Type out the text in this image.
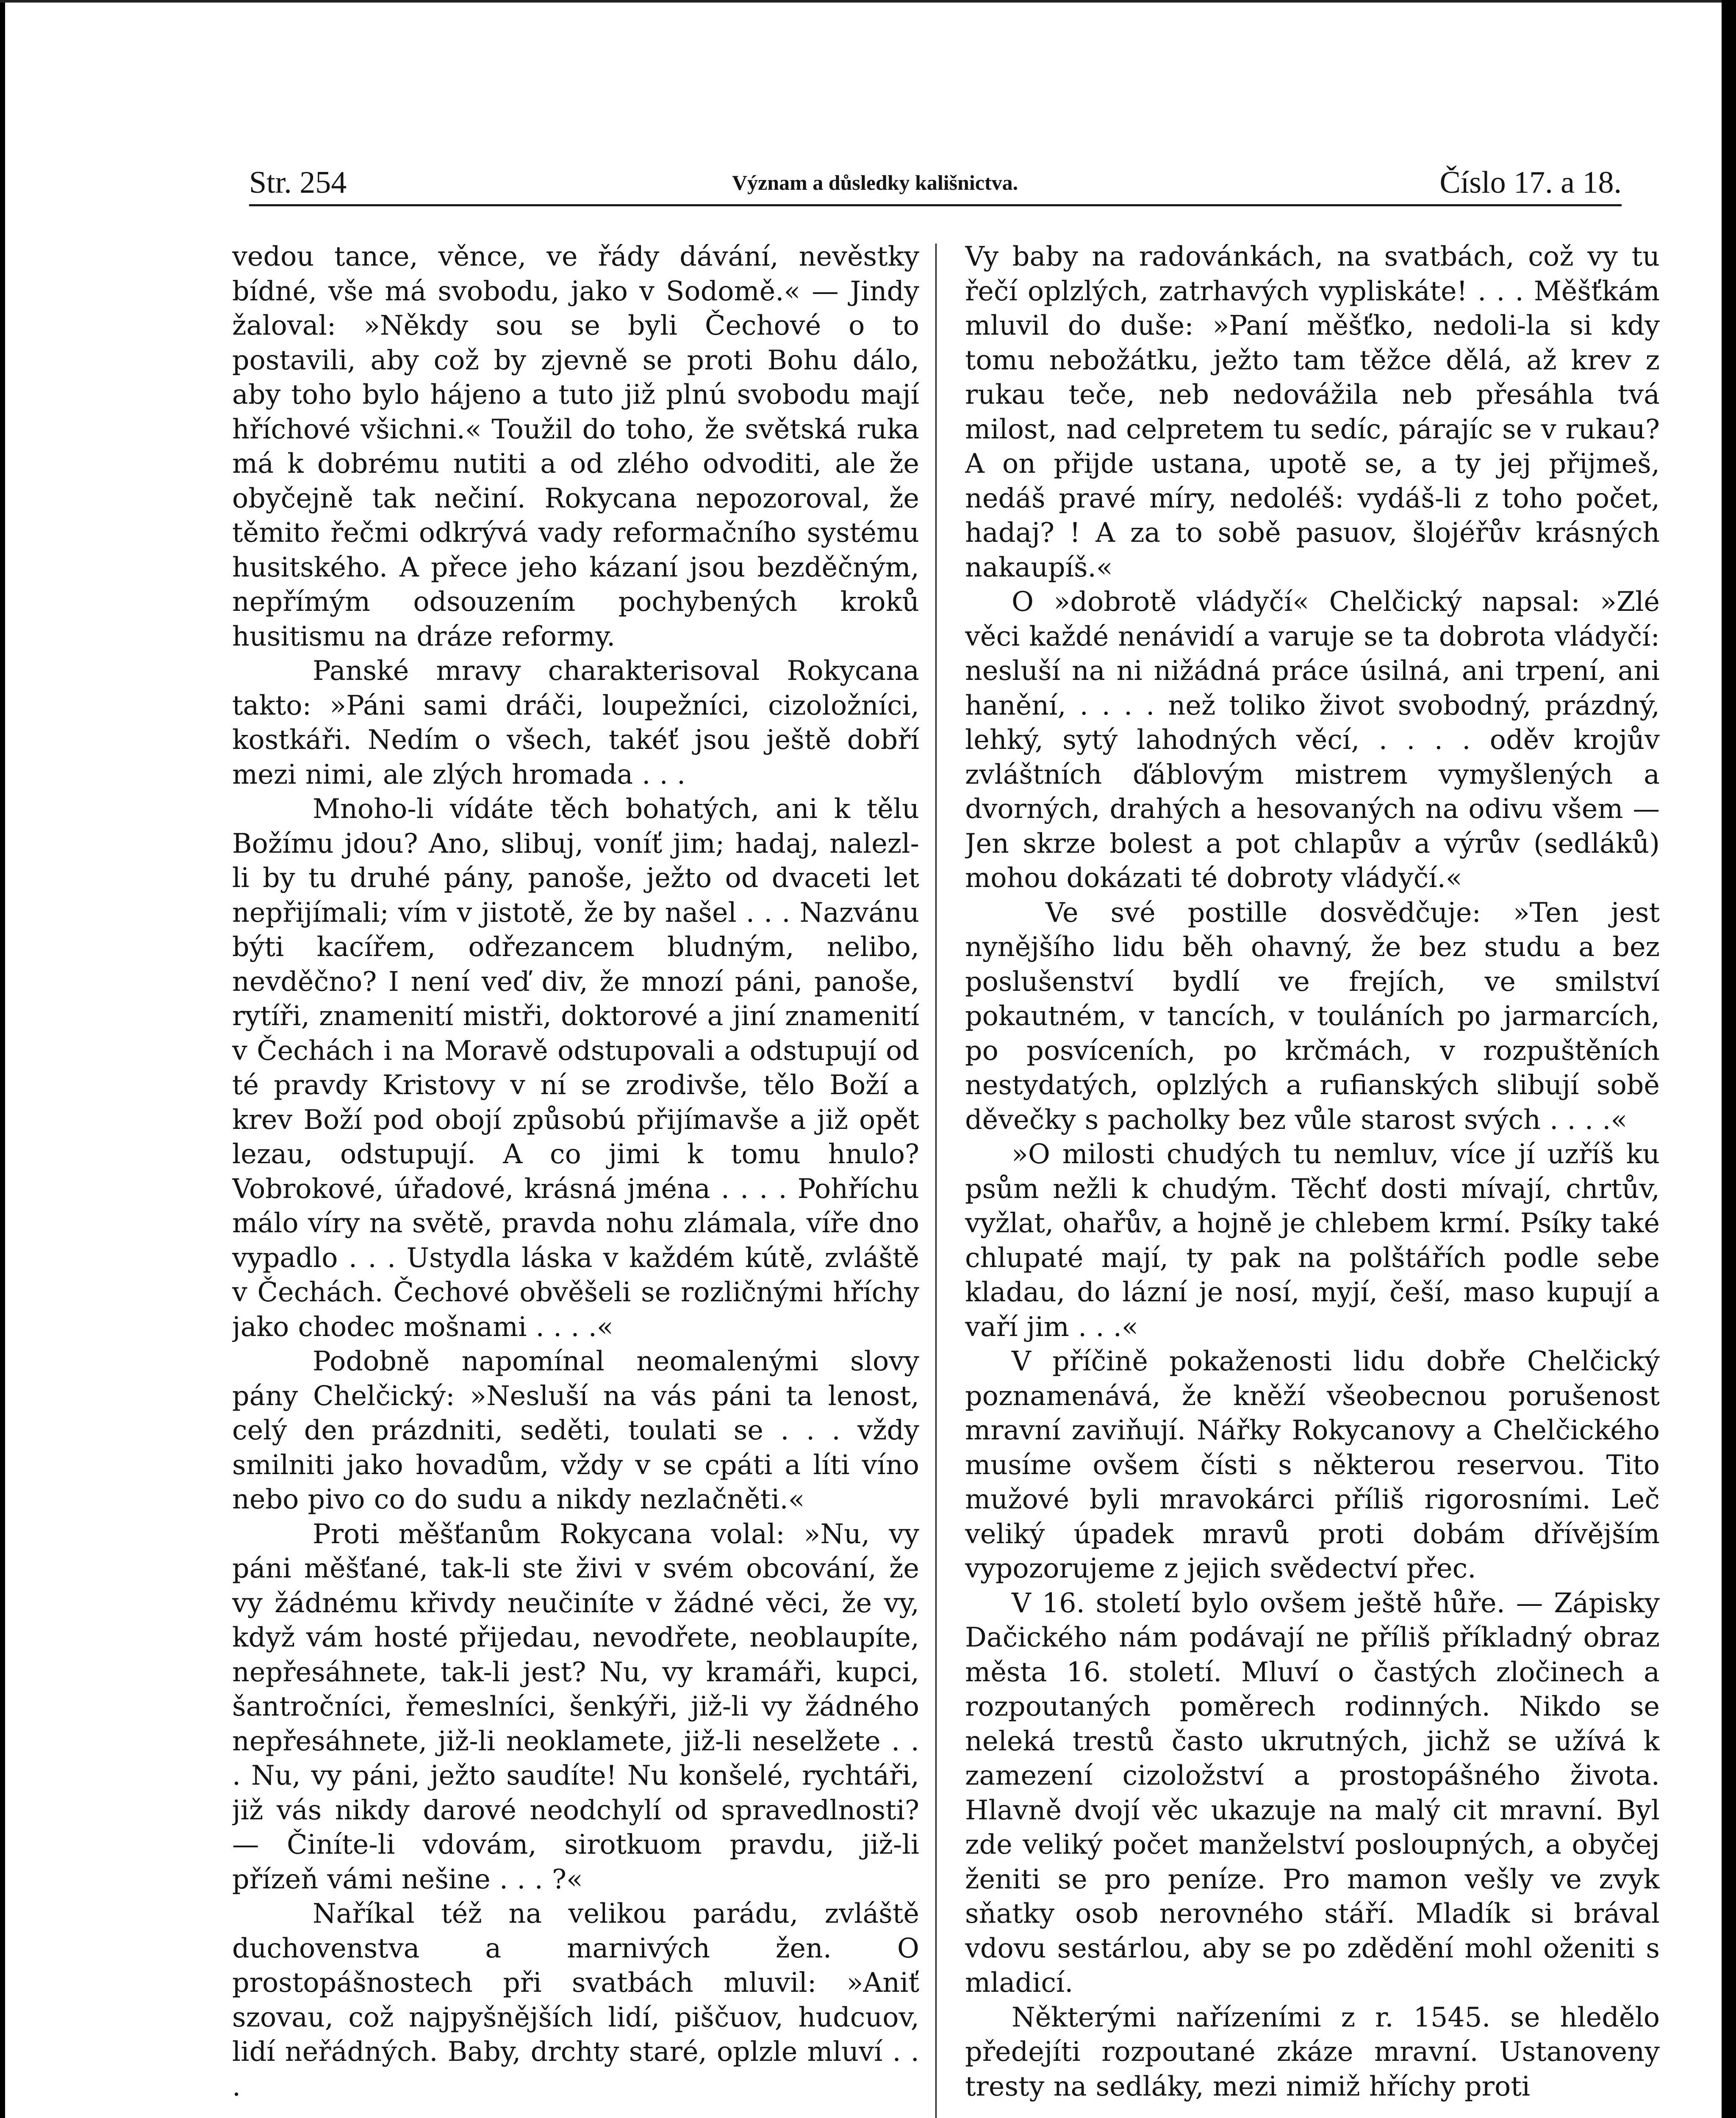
Str. 254	Význam a důsledky kališnictva.	Číslo 17. a 18.

vedou tance, věnce, ve řády dávání, nevěstky bídné, vše má svobodu, jako v Sodomě.« — Jindy žaloval: »Někdy sou se byli Čechové o to postavili, aby což by zjevně se proti Bohu dálo, aby toho bylo hájeno a tuto již plnú svobodu mají hříchové všichni.« Toužil do toho, že světská ruka má k dobrému nutiti a od zlého odvoditi, ale že obyčejně tak nečiní. Rokycana nepozoroval, že těmito řečmi odkrývá vady reformačního systému husitského. A přece jeho kázaní jsou bezděčným, nepřímým odsouzením pochybených kroků husitismu na dráze reformy.

Panské mravy charakterisoval Rokycana takto: »Páni sami dráči, loupežníci, cizoložníci, kostkáři. Nedím o všech, takéť jsou ještě dobří mezi nimi, ale zlých hromada . . .

Mnoho-li vídáte těch bohatých, ani k tělu Božímu jdou? Ano, slibuj, voníť jim; hadaj, nalezl-li by tu druhé pány, panoše, ježto od dvaceti let nepřijímali; vím v jistotě, že by našel . . . Nazvánu býti kacířem, odřezancem bludným, nelibo, nevděčno? I není veď div, že mnozí páni, panoše, rytíři, znamenití mistři, doktorové a jiní znamenití v Čechách i na Moravě odstupovali a odstupují od té pravdy Kristovy v ní se zrodivše, tělo Boží a krev Boží pod obojí způsobú přijímavše a již opět lezau, odstupují. A co jimi k tomu hnulo? Vobrokové, úřadové, krásná jména . . . . Pohříchu málo víry na světě, pravda nohu zlámala, víře dno vypadlo . . . Ustydla láska v každém kútě, zvláště v Čechách. Čechové obvěšeli se rozličnými hříchy jako chodec mošnami . . . .«

Podobně napomínal neomalenými slovy pány Chelčický: »Nesluší na vás páni ta lenost, celý den prázdniti, seděti, toulati se . . . vždy smilniti jako hovadům, vždy v se cpáti a líti víno nebo pivo co do sudu a nikdy nezlačněti.«

Proti měšťanům Rokycana volal: »Nu, vy páni měšťané, tak-li ste živi v svém obcování, že vy žádnému křivdy neučiníte v žádné věci, že vy, když vám hosté přijedau, nevodřete, neoblaupíte, nepřesáhnete, tak-li jest? Nu, vy kramáři, kupci, šantročníci, řemeslníci, šenkýři, již-li vy žádného nepřesáhnete, již-li neoklamete, již-li neselžete . . . Nu, vy páni, ježto saudíte! Nu konšelé, rychtáři, již vás nikdy darové neodchylí od spravedlnosti? — Činíte-li vdovám, sirotkuom pravdu, již-li přízeň vámi nešine . . . ?«

Naříkal též na velikou parádu, zvláště duchovenstva a marnivých žen. O prostopášnostech při svatbách mluvil: »Aniť szovau, což najpyšnějších lidí, piščuov, hudcuov, lidí neřádných. Baby, drchty staré, oplzle mluví . . .

Vy baby na radovánkách, na svatbách, což vy tu řečí oplzlých, zatrhavých vypliskáte! . . . Měšťkám mluvil do duše: »Paní měšťko, nedoli-la si kdy tomu nebožátku, ježto tam těžce dělá, až krev z rukau teče, neb nedovážila neb přesáhla tvá milost, nad celpretem tu sedíc, párajíc se v rukau? A on přijde ustana, upotě se, a ty jej přijmeš, nedáš pravé míry, nedoléš: vydáš-li z toho počet, hadaj? ! A za to sobě pasuov, šlojéřův krásných nakaupíš.«

O »dobrotě vládyčí« Chelčický napsal: »Zlé věci každé nenávidí a varuje se ta dobrota vládyčí: nesluší na ni nižádná práce úsilná, ani trpení, ani hanění, . . . . než toliko život svobodný, prázdný, lehký, sytý lahodných věcí, . . . . oděv krojův zvláštních ďáblovým mistrem vymyšlených a dvorných, drahých a hesovaných na odivu všem — Jen skrze bolest a pot chlapův a výrův (sedláků) mohou dokázati té dobroty vládyčí.«

Ve své postille dosvědčuje: »Ten jest nynějšího lidu běh ohavný, že bez studu a bez poslušenství bydlí ve frejích, ve smilství pokautném, v tancích, v touláních po jarmarcích, po posvíceních, po krčmách, v rozpuštěních nestydatých, oplzlých a rufianských slibují sobě děvečky s pacholky bez vůle starost svých . . . .«

»O milosti chudých tu nemluv, více jí uzříš ku psům nežli k chudým. Těchť dosti mívají, chrtův, vyžlat, ohařův, a hojně je chlebem krmí. Psíky také chlupaté mají, ty pak na polštářích podle sebe kladau, do lázní je nosí, myjí, češí, maso kupují a vaří jim . . .«

V příčině pokaženosti lidu dobře Chelčický poznamenává, že kněží všeobecnou porušenost mravní zaviňují. Nářky Rokycanovy a Chelčického musíme ovšem čísti s některou reservou. Tito mužové byli mravokárci příliš rigorosními. Leč veliký úpadek mravů proti dobám dřívějším vypozorujeme z jejich svědectví přec.

V 16. století bylo ovšem ještě hůře. — Zápisky Dačického nám podávají ne příliš příkladný obraz města 16. století. Mluví o častých zločinech a rozpoutaných poměrech rodinných. Nikdo se neleká trestů často ukrutných, jichž se užívá k zamezení cizoložství a prostopášného života. Hlavně dvojí věc ukazuje na malý cit mravní. Byl zde veliký počet manželství posloupných, a obyčej ženiti se pro peníze. Pro mamon vešly ve zvyk sňatky osob nerovného stáří. Mladík si brával vdovu sestárlou, aby se po zdědění mohl oženiti s mladicí.

Některými nařízeními z r. 1545. se hledělo předejíti rozpoutané zkáze mravní. Ustanoveny tresty na sedláky, mezi nimiž hříchy proti
